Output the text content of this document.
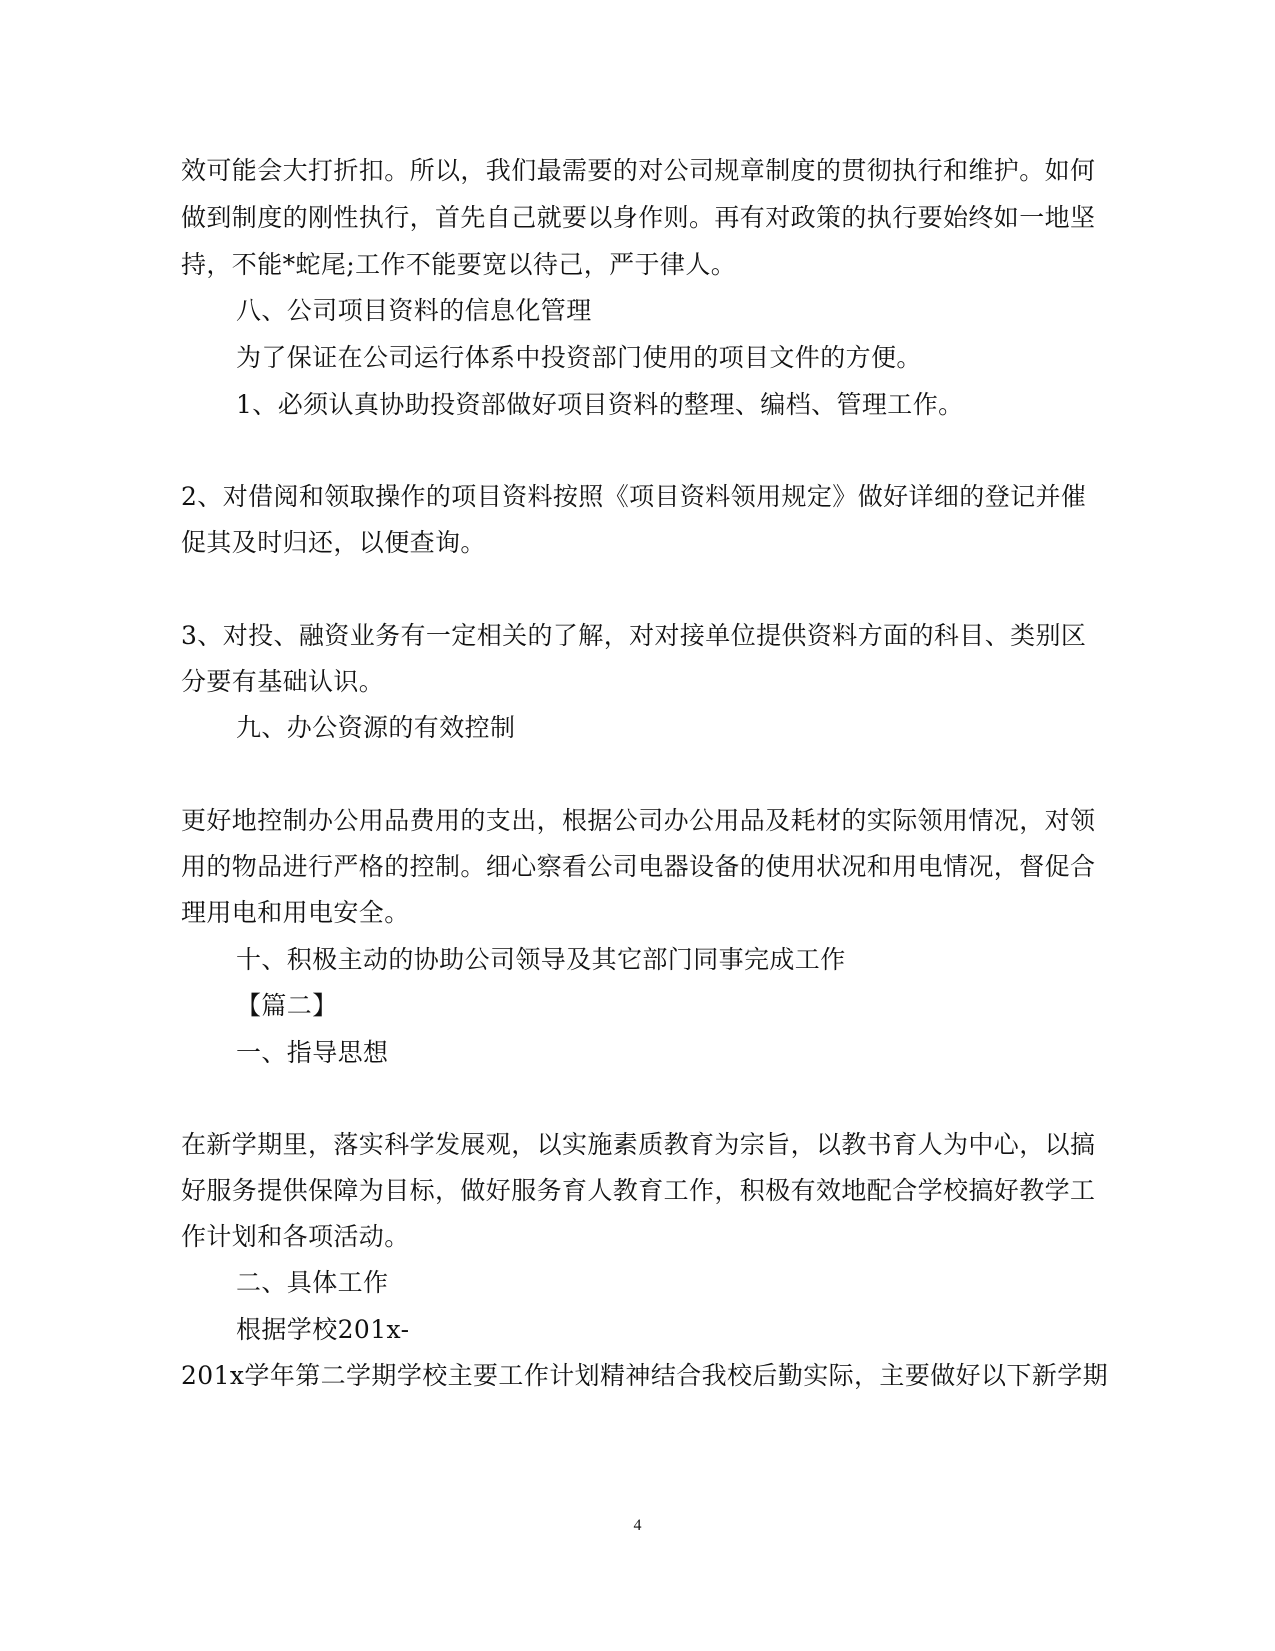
效可能会大打折扣。所以，我们最需要的对公司规章制度的贯彻执行和维护。如何
做到制度的刚性执行，首先自己就要以身作则。再有对政策的执行要始终如一地坚
持，不能*蛇尾;工作不能要宽以待己，严于律人。
八、公司项目资料的信息化管理
为了保证在公司运行体系中投资部门使用的项目文件的方便。
1、必须认真协助投资部做好项目资料的整理、编档、管理工作。
2、对借阅和领取操作的项目资料按照《项目资料领用规定》做好详细的登记并催
促其及时归还，以便查询。
3、对投、融资业务有一定相关的了解，对对接单位提供资料方面的科目、类别区
分要有基础认识。
九、办公资源的有效控制
更好地控制办公用品费用的支出，根据公司办公用品及耗材的实际领用情况，对领
用的物品进行严格的控制。细心察看公司电器设备的使用状况和用电情况，督促合
理用电和用电安全。
十、积极主动的协助公司领导及其它部门同事完成工作
【篇二】
一、指导思想
在新学期里，落实科学发展观，以实施素质教育为宗旨，以教书育人为中心，以搞
好服务提供保障为目标，做好服务育人教育工作，积极有效地配合学校搞好教学工
作计划和各项活动。
二、具体工作
根据学校201x-
201x学年第二学期学校主要工作计划精神结合我校后勤实际，主要做好以下新学期
4
